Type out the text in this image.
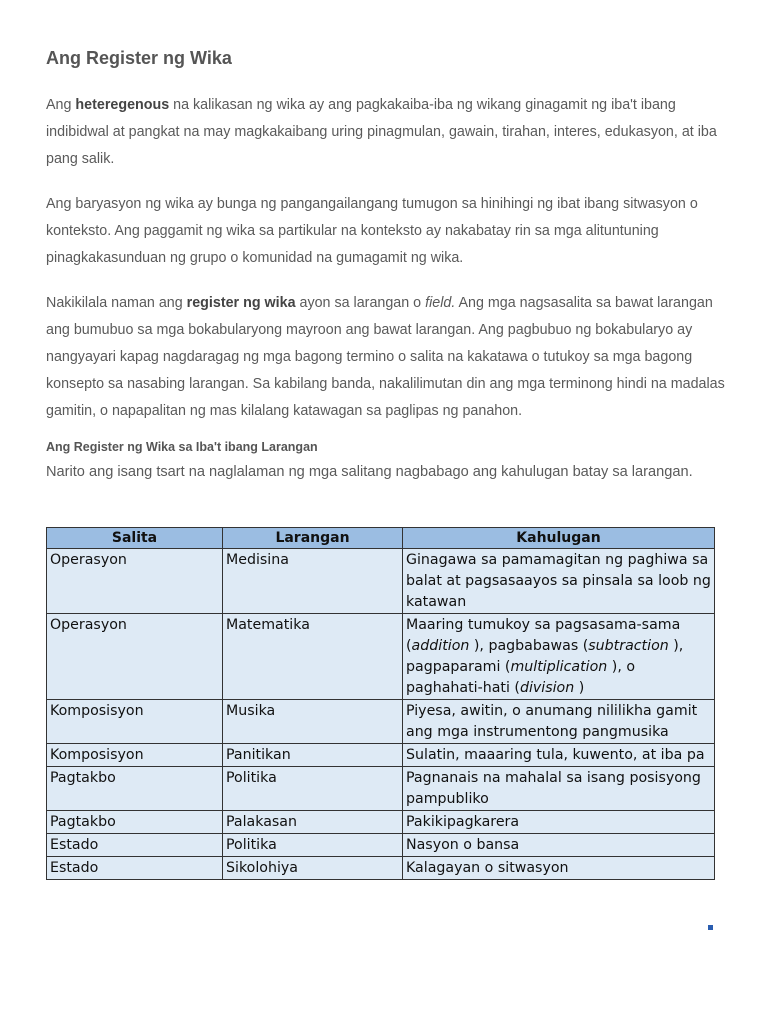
Ang Register ng Wika

Ang heteregenous na kalikasan ng wika ay ang pagkakaiba-iba ng wikang ginagamit ng iba't ibang indibidwal at pangkat na may magkakaibang uring pinagmulan, gawain, tirahan, interes, edukasyon, at iba pang salik.

Ang baryasyon ng wika ay bunga ng pangangailangang tumugon sa hinihingi ng ibat ibang sitwasyon o konteksto. Ang paggamit ng wika sa partikular na konteksto ay nakabatay rin sa mga alituntuning pinagkakasunduan ng grupo o komunidad na gumagamit ng wika.

Nakikilala naman ang register ng wika ayon sa larangan o field. Ang mga nagsasalita sa bawat larangan ang bumubuo sa mga bokabularyong mayroon ang bawat larangan. Ang pagbubuo ng bokabularyo ay nangyayari kapag nagdaragag ng mga bagong termino o salita na kakatawa o tutukoy sa mga bagong konsepto sa nasabing larangan. Sa kabilang banda, nakalilimutan din ang mga terminong hindi na madalas gamitin, o napapalitan ng mas kilalang katawagan sa paglipas ng panahon.

Ang Register ng Wika sa Iba't ibang Larangan

Narito ang isang tsart na naglalaman ng mga salitang nagbabago ang kahulugan batay sa larangan.

Salita	Larangan	Kahulugan
Operasyon	Medisina	Ginagawa sa pamamagitan ng paghiwa sa balat at pagsasaayos sa pinsala sa loob ng katawan
Operasyon	Matematika	Maaring tumukoy sa pagsasama-sama (addition ), pagbabawas (subtraction ), pagpaparami (multiplication ), o paghahati-hati (division )
Komposisyon	Musika	Piyesa, awitin, o anumang nililikha gamit ang mga instrumentong pangmusika
Komposisyon	Panitikan	Sulatin, maaaring tula, kuwento, at iba pa
Pagtakbo	Politika	Pagnanais na mahalal sa isang posisyong pampubliko
Pagtakbo	Palakasan	Pakikipagkarera
Estado	Politika	Nasyon o bansa
Estado	Sikolohiya	Kalagayan o sitwasyon
